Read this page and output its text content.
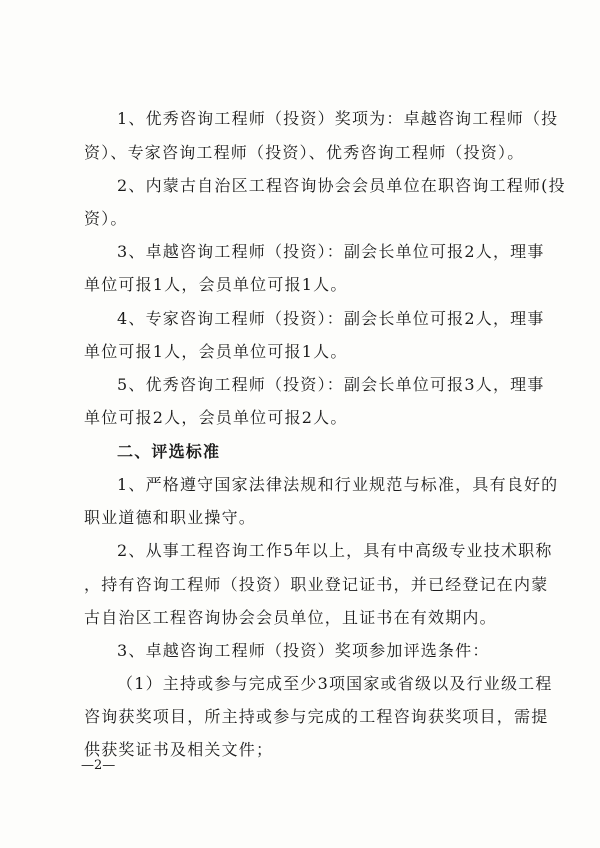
1、优秀咨询工程师（投资）奖项为：卓越咨询工程师（投
资）、专家咨询工程师（投资）、优秀咨询工程师（投资）。
2、内蒙古自治区工程咨询协会会员单位在职咨询工程师(投
资）。
3、卓越咨询工程师（投资）：副会长单位可报2人，理事
单位可报1人，会员单位可报1人。
4、专家咨询工程师（投资）：副会长单位可报2人，理事
单位可报1人，会员单位可报1人。
5、优秀咨询工程师（投资）：副会长单位可报3人，理事
单位可报2人，会员单位可报2人。
二、评选标准
1、严格遵守国家法律法规和行业规范与标准，具有良好的
职业道德和职业操守。
2、从事工程咨询工作5年以上，具有中高级专业技术职称
，持有咨询工程师（投资）职业登记证书，并已经登记在内蒙
古自治区工程咨询协会会员单位，且证书在有效期内。
3、卓越咨询工程师（投资）奖项参加评选条件：
（1）主持或参与完成至少3项国家或省级以及行业级工程
咨询获奖项目，所主持或参与完成的工程咨询获奖项目，需提
供获奖证书及相关文件；
—2—
